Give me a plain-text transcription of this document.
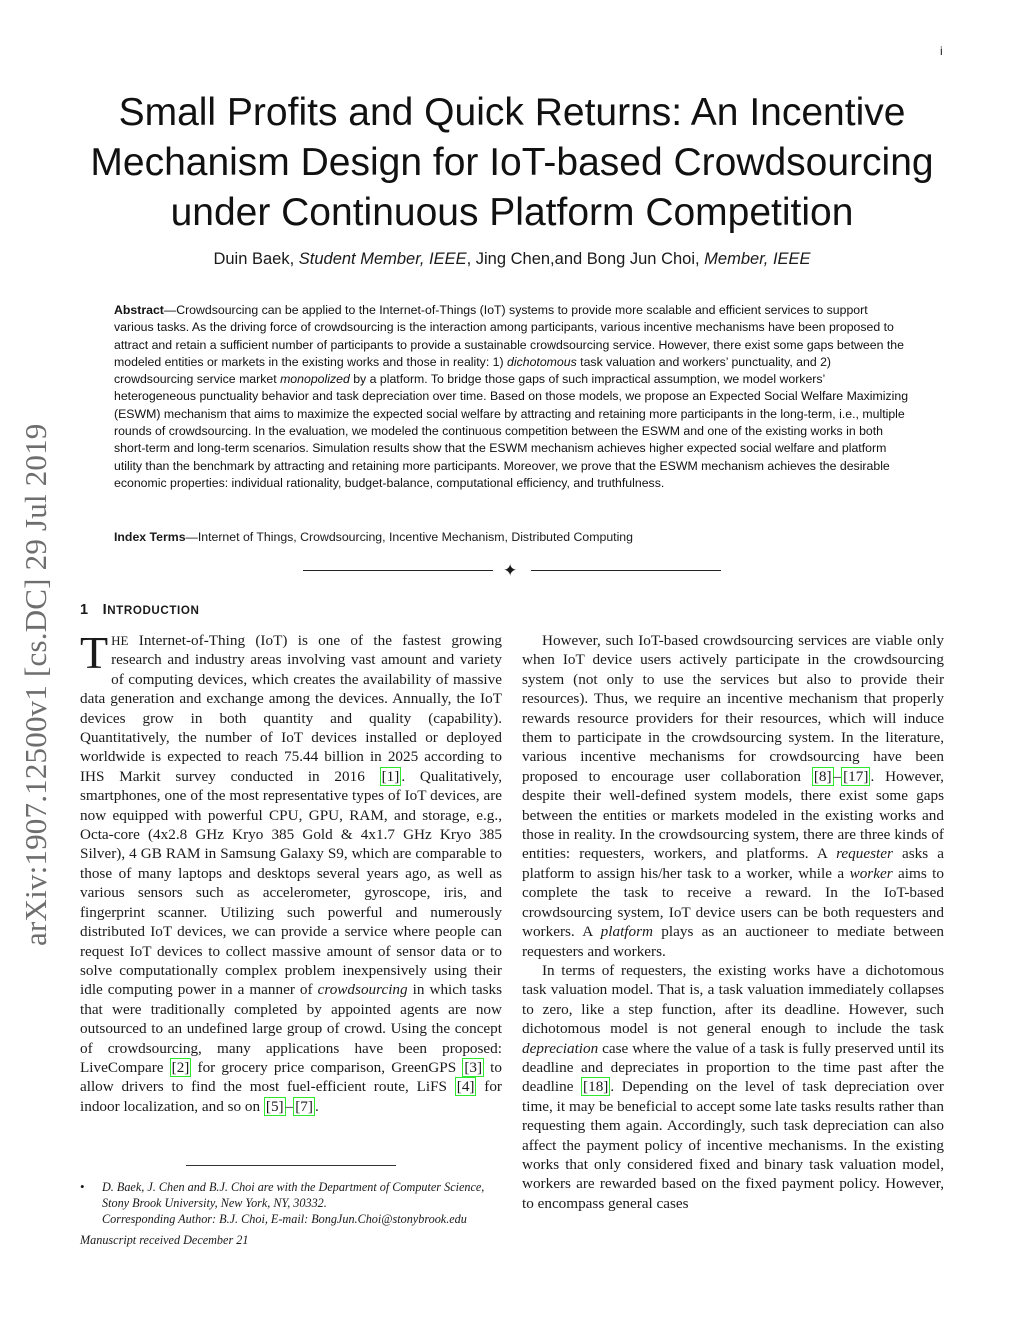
i
arXiv:1907.12500v1 [cs.DC] 29 Jul 2019
Small Profits and Quick Returns: An Incentive
Mechanism Design for IoT-based Crowdsourcing
under Continuous Platform Competition
Duin Baek, Student Member, IEEE, Jing Chen,and Bong Jun Choi, Member, IEEE
Abstract—Crowdsourcing can be applied to the Internet-of-Things (IoT) systems to provide more scalable and efficient services to support various tasks. As the driving force of crowdsourcing is the interaction among participants, various incentive mechanisms have been proposed to attract and retain a sufficient number of participants to provide a sustainable crowdsourcing service. However, there exist some gaps between the modeled entities or markets in the existing works and those in reality: 1) dichotomous task valuation and workers’ punctuality, and 2) crowdsourcing service market monopolized by a platform. To bridge those gaps of such impractical assumption, we model workers’ heterogeneous punctuality behavior and task depreciation over time. Based on those models, we propose an Expected Social Welfare Maximizing (ESWM) mechanism that aims to maximize the expected social welfare by attracting and retaining more participants in the long-term, i.e., multiple rounds of crowdsourcing. In the evaluation, we modeled the continuous competition between the ESWM and one of the existing works in both short-term and long-term scenarios. Simulation results show that the ESWM mechanism achieves higher expected social welfare and platform utility than the benchmark by attracting and retaining more participants. Moreover, we prove that the ESWM mechanism achieves the desirable economic properties: individual rationality, budget-balance, computational efficiency, and truthfulness.
Index Terms—Internet of Things, Crowdsourcing, Incentive Mechanism, Distributed Computing
✦
1 INTRODUCTION

THE Internet-of-Thing (IoT) is one of the fastest growing research and industry areas involving vast amount and variety of computing devices, which creates the availability of massive data generation and exchange among the devices. Annually, the IoT devices grow in both quantity and quality (capability). Quantitatively, the number of IoT devices installed or deployed worldwide is expected to reach 75.44 billion in 2025 according to IHS Markit survey conducted in 2016 [1] . Qualitatively, smartphones, one of the most representative types of IoT devices, are now equipped with powerful CPU, GPU, RAM, and storage, e.g., Octa-core (4x2.8 GHz Kryo 385 Gold & 4x1.7 GHz Kryo 385 Silver), 4 GB RAM in Samsung Galaxy S9, which are comparable to those of many laptops and desktops several years ago, as well as various sensors such as accelerometer, gyroscope, iris, and fingerprint scanner. Utilizing such powerful and numerously distributed IoT devices, we can provide a service where people can request IoT devices to collect massive amount of sensor data or to solve computationally complex problem inexpensively using their idle computing power in a manner of crowdsourcing in which tasks that were traditionally completed by appointed agents are now outsourced to an undefined large group of crowd. Using the concept of crowdsourcing, many applications have been proposed: LiveCompare [2] for grocery price comparison, GreenGPS [3] to allow drivers to find the most fuel-efficient route, LiFS [4] for indoor localization, and so on [5] – [7] .

However, such IoT-based crowdsourcing services are viable only when IoT device users actively participate in the crowdsourcing system (not only to use the services but also to provide their resources). Thus, we require an incentive mechanism that properly rewards resource providers for their resources, which will induce them to participate in the crowdsourcing system. In the literature, various incentive mechanisms for crowdsourcing have been proposed to encourage user collaboration [8] – [17] . However, despite their well-defined system models, there exist some gaps between the entities or markets modeled in the existing works and those in reality. In the crowdsourcing system, there are three kinds of entities: requesters, workers, and platforms. A requester asks a platform to assign his/her task to a worker, while a worker aims to complete the task to receive a reward. In the IoT-based crowdsourcing system, IoT device users can be both requesters and workers. A platform plays as an auctioneer to mediate between requesters and workers.

In terms of requesters, the existing works have a dichotomous task valuation model. That is, a task valuation immediately collapses to zero, like a step function, after its deadline. However, such dichotomous model is not general enough to include the task depreciation case where the value of a task is fully preserved until its deadline and depreciates in proportion to the time past after the deadline [18] . Depending on the level of task depreciation over time, it may be beneficial to accept some late tasks results rather than requesting them again. Accordingly, such task depreciation can also affect the payment policy of incentive mechanisms. In the existing works that only considered fixed and binary task valuation model, workers are rewarded based on the fixed payment policy. However, to encompass general cases

• D. Baek, J. Chen and B.J. Choi are with the Department of Computer Science, Stony Brook University, New York, NY, 30332.
Corresponding Author: B.J. Choi, E-mail: BongJun.Choi@stonybrook.edu
Manuscript received December 21
